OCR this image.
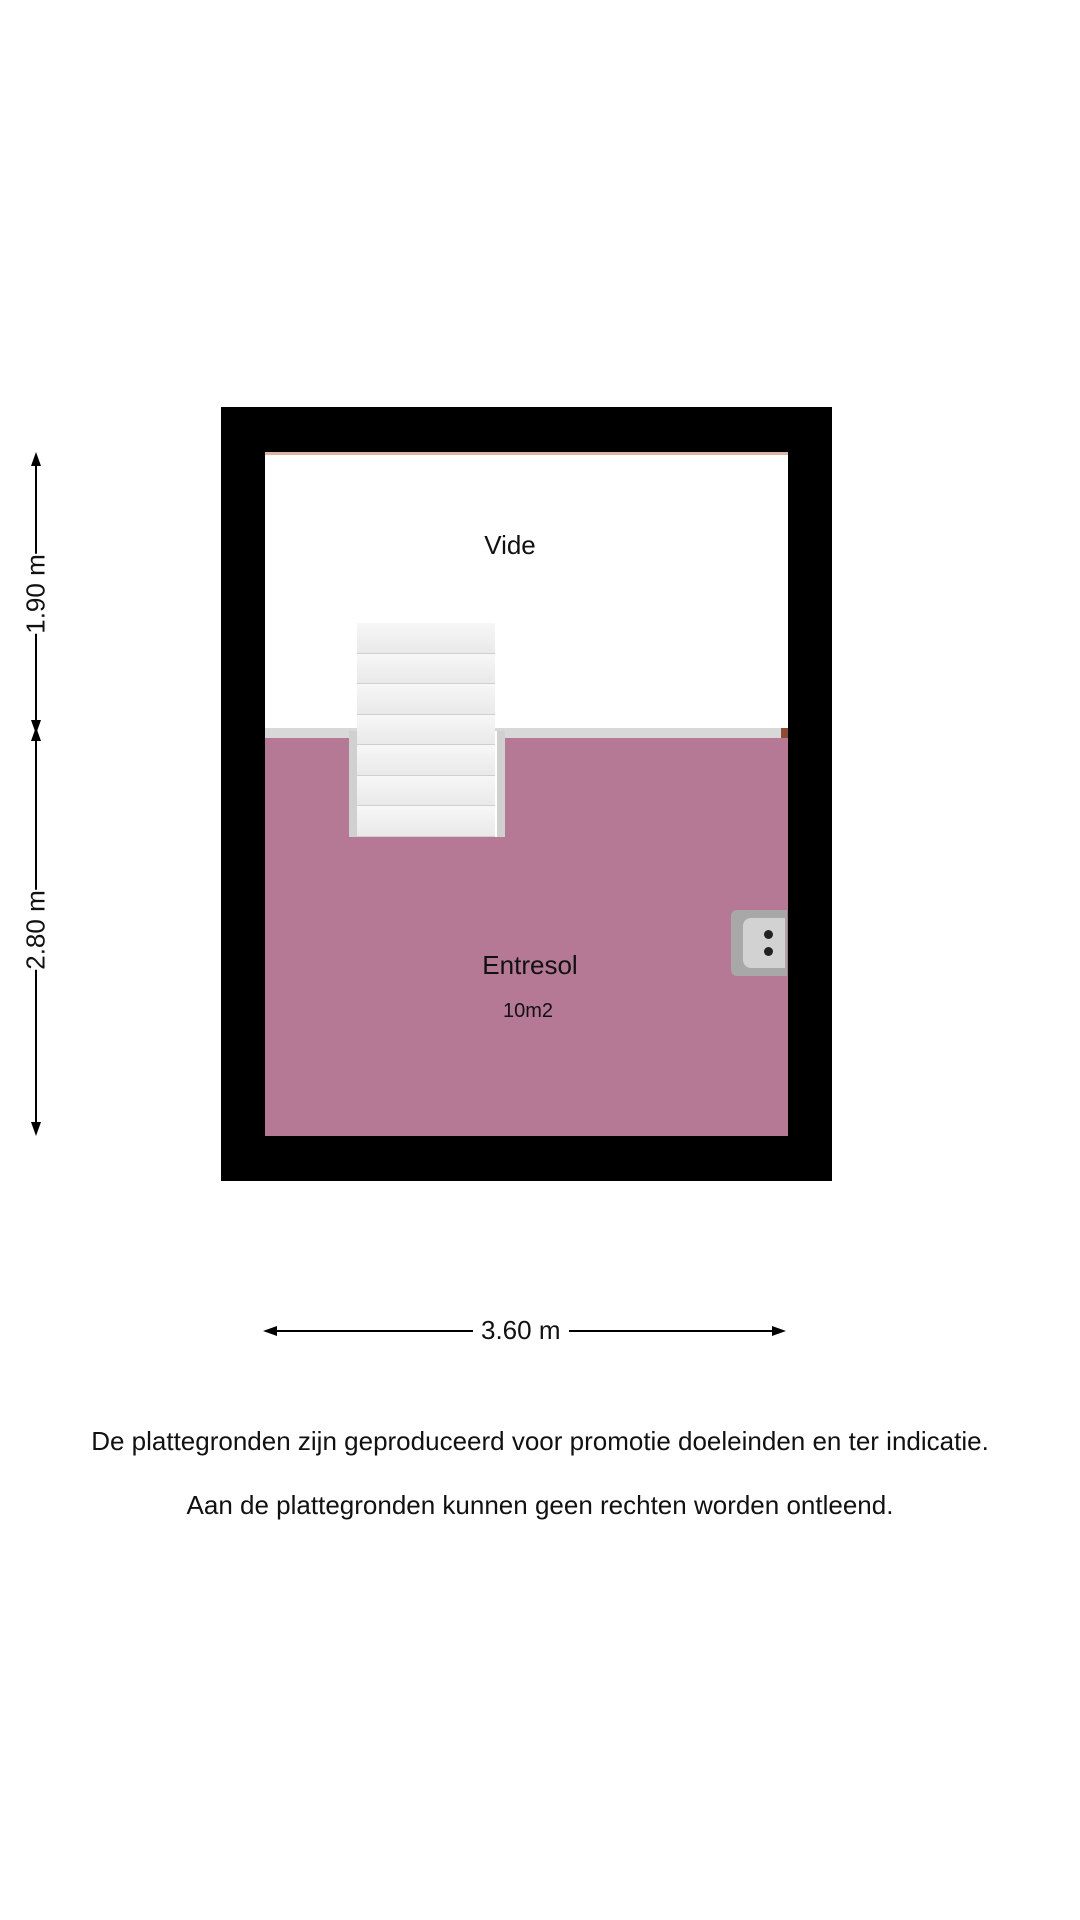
Vide
Entresol
10m2
1.90 m
2.80 m
3.60 m
De plattegronden zijn geproduceerd voor promotie doeleinden en ter indicatie.
Aan de plattegronden kunnen geen rechten worden ontleend.
